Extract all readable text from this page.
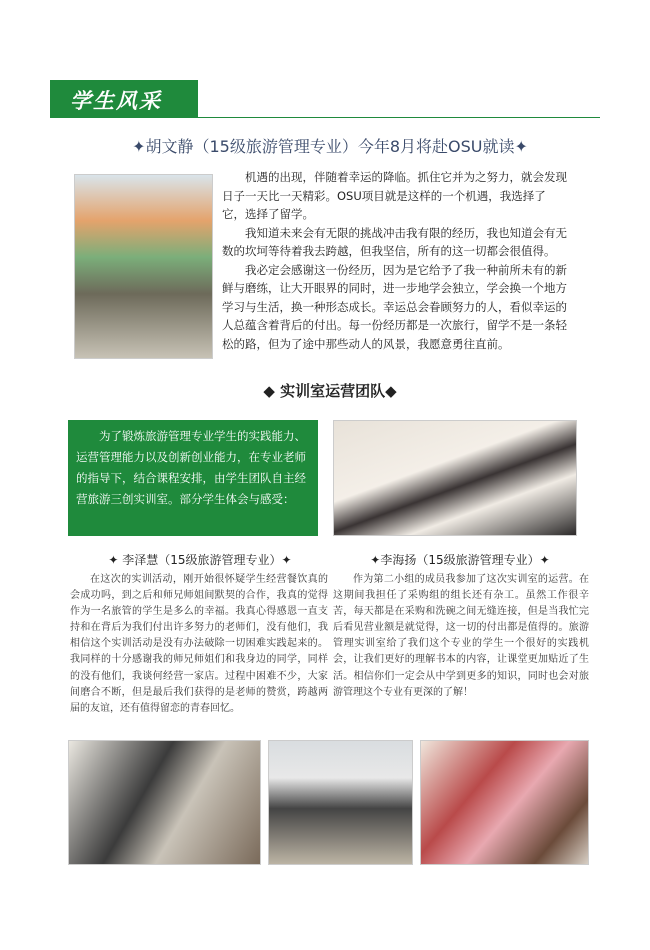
学生风采
✦胡文静（15级旅游管理专业）今年8月将赴OSU就读✦

机遇的出现，伴随着幸运的降临。抓住它并为之努力，就会发现日子一天比一天精彩。OSU项目就是这样的一个机遇，我选择了它，选择了留学。

我知道未来会有无限的挑战冲击我有限的经历，我也知道会有无数的坎坷等待着我去跨越，但我坚信，所有的这一切都会很值得。

我必定会感谢这一份经历，因为是它给予了我一种前所未有的新鲜与磨练，让大开眼界的同时，进一步地学会独立，学会换一个地方学习与生活，换一种形态成长。幸运总会眷顾努力的人，看似幸运的人总蕴含着背后的付出。每一份经历都是一次旅行，留学不是一条轻松的路，但为了途中那些动人的风景，我愿意勇往直前。

◆ 实训室运营团队◆
为了锻炼旅游管理专业学生的实践能力、运营管理能力以及创新创业能力，在专业老师的指导下，结合课程安排，由学生团队自主经营旅游三创实训室。部分学生体会与感受：
✦ 李泽慧（15级旅游管理专业）✦
在这次的实训活动，刚开始很怀疑学生经营餐饮真的会成功吗，到之后和师兄师姐间默契的合作，我真的觉得作为一名旅管的学生是多么的幸福。我真心得感恩一直支持和在背后为我们付出许多努力的老师们，没有他们，我相信这个实训活动是没有办法破除一切困难实践起来的。我同样的十分感谢我的师兄师姐们和我身边的同学，同样的没有他们，我谈何经营一家店。过程中困难不少，大家间磨合不断，但是最后我们获得的是老师的赞赏，跨越两届的友谊，还有值得留恋的青春回忆。
✦李海扬（15级旅游管理专业）✦
作为第二小组的成员我参加了这次实训室的运营。在这期间我担任了采购组的组长还有杂工。虽然工作很辛苦，每天都是在采购和洗碗之间无缝连接，但是当我忙完后看见营业额是就觉得，这一切的付出都是值得的。旅游管理实训室给了我们这个专业的学生一个很好的实践机会，让我们更好的理解书本的内容，让课堂更加贴近了生活。相信你们一定会从中学到更多的知识，同时也会对旅游管理这个专业有更深的了解！
